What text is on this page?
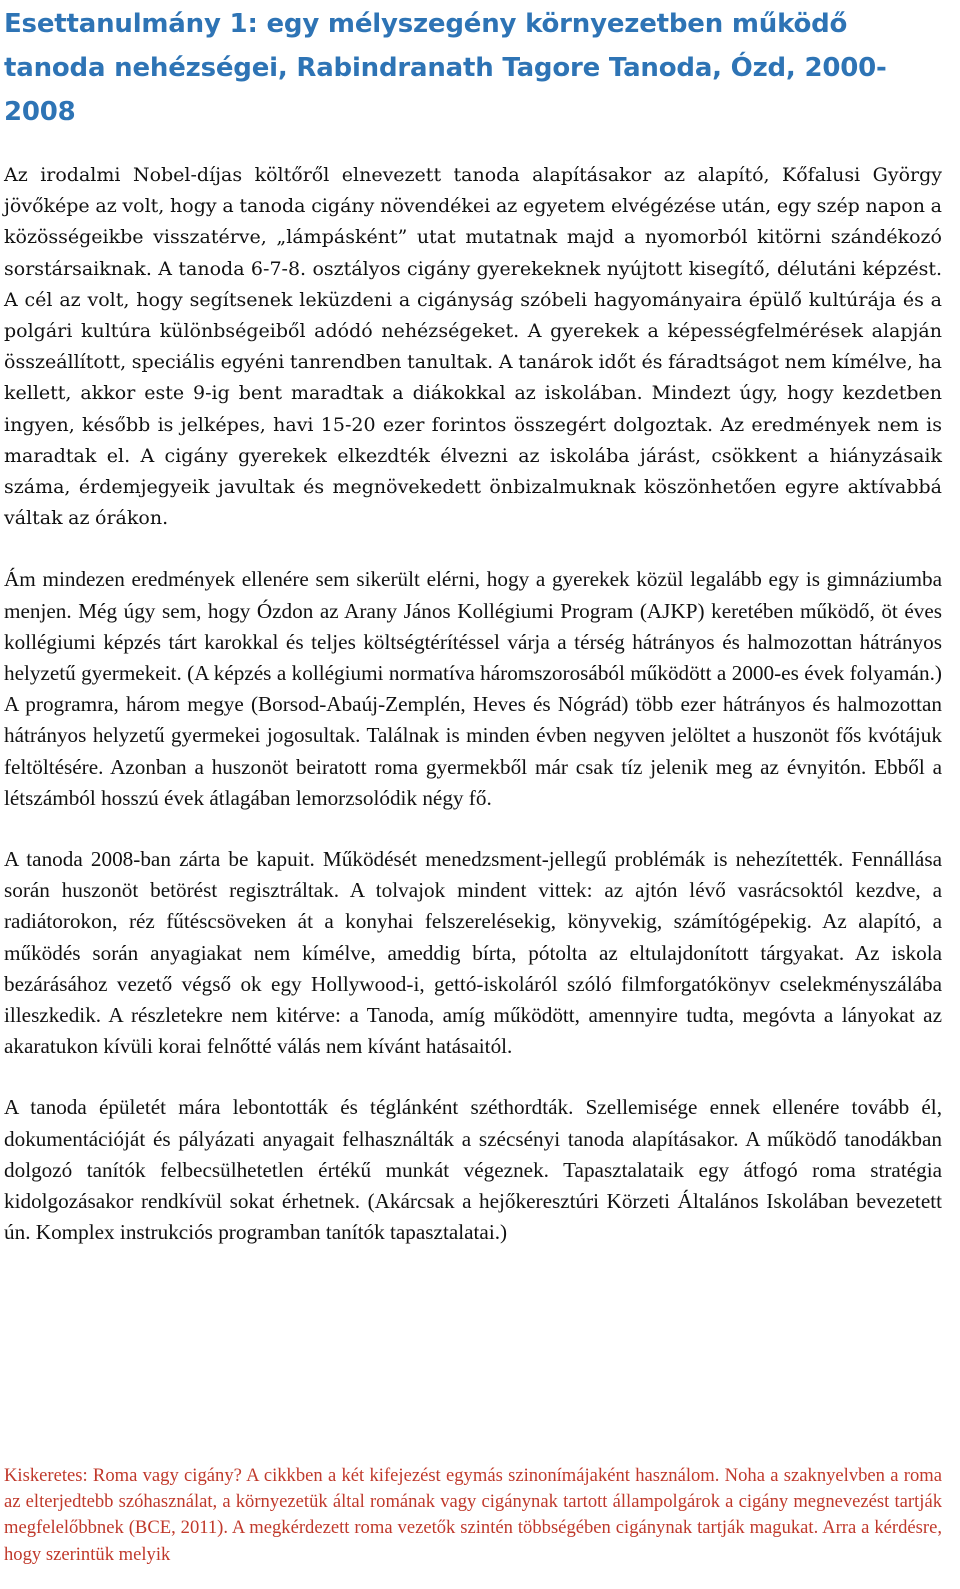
Esettanulmány 1: egy mélyszegény környezetben működő tanoda nehézségei, Rabindranath Tagore Tanoda, Ózd, 2000-2008

Az irodalmi Nobel-díjas költőről elnevezett tanoda alapításakor az alapító, Kőfalusi György jövőképe az volt, hogy a tanoda cigány növendékei az egyetem elvégézése után, egy szép napon a közösségeikbe visszatérve, „lámpásként” utat mutatnak majd a nyomorból kitörni szándékozó sorstársaiknak. A tanoda 6-7-8. osztályos cigány gyerekeknek nyújtott kisegítő, délutáni képzést. A cél az volt, hogy segítsenek leküzdeni a cigányság szóbeli hagyományaira épülő kultúrája és a polgári kultúra különbségeiből adódó nehézségeket. A gyerekek a képességfelmérések alapján összeállított, speciális egyéni tanrendben tanultak. A tanárok időt és fáradtságot nem kímélve, ha kellett, akkor este 9-ig bent maradtak a diákokkal az iskolában. Mindezt úgy, hogy kezdetben ingyen, később is jelképes, havi 15-20 ezer forintos összegért dolgoztak. Az eredmények nem is maradtak el. A cigány gyerekek elkezdték élvezni az iskolába járást, csökkent a hiányzásaik száma, érdemjegyeik javultak és megnövekedett önbizalmuknak köszönhetően egyre aktívabbá váltak az órákon.

Ám mindezen eredmények ellenére sem sikerült elérni, hogy a gyerekek közül legalább egy is gimnáziumba menjen. Még úgy sem, hogy Ózdon az Arany János Kollégiumi Program (AJKP) keretében működő, öt éves kollégiumi képzés tárt karokkal és teljes költségtérítéssel várja a térség hátrányos és halmozottan hátrányos helyzetű gyermekeit. (A képzés a kollégiumi normatíva háromszorosából működött a 2000-es évek folyamán.) A programra, három megye (Borsod-Abaúj-Zemplén, Heves és Nógrád) több ezer hátrányos és halmozottan hátrányos helyzetű gyermekei jogosultak. Találnak is minden évben negyven jelöltet a huszonöt fős kvótájuk feltöltésére. Azonban a huszonöt beiratott roma gyermekből már csak tíz jelenik meg az évnyitón. Ebből a létszámból hosszú évek átlagában lemorzsolódik négy fő.

A tanoda 2008-ban zárta be kapuit. Működését menedzsment-jellegű problémák is nehezítették. Fennállása során huszonöt betörést regisztráltak. A tolvajok mindent vittek: az ajtón lévő vasrácsoktól kezdve, a radiátorokon, réz fűtéscsöveken át a konyhai felszerelésekig, könyvekig, számítógépekig. Az alapító, a működés során anyagiakat nem kímélve, ameddig bírta, pótolta az eltulajdonított tárgyakat. Az iskola bezárásához vezető végső ok egy Hollywood-i, gettó-iskoláról szóló filmforgatókönyv cselekményszálába illeszkedik. A részletekre nem kitérve: a Tanoda, amíg működött, amennyire tudta, megóvta a lányokat az akaratukon kívüli korai felnőtté válás nem kívánt hatásaitól.

A tanoda épületét mára lebontották és téglánként széthordták. Szellemisége ennek ellenére tovább él, dokumentációját és pályázati anyagait felhasználták a szécsényi tanoda alapításakor. A működő tanodákban dolgozó tanítók felbecsülhetetlen értékű munkát végeznek. Tapasztalataik egy átfogó roma stratégia kidolgozásakor rendkívül sokat érhetnek. (Akárcsak a hejőkeresztúri Körzeti Általános Iskolában bevezetett ún. Komplex instrukciós programban tanítók tapasztalatai.)

Kiskeretes: Roma vagy cigány? A cikkben a két kifejezést egymás szinonímájaként használom. Noha a szaknyelvben a roma az elterjedtebb szóhasználat, a környezetük által romának vagy cigánynak tartott állampolgárok a cigány megnevezést tartják megfelelőbbnek (BCE, 2011). A megkérdezett roma vezetők szintén többségében cigánynak tartják magukat. Arra a kérdésre, hogy szerintük melyik
